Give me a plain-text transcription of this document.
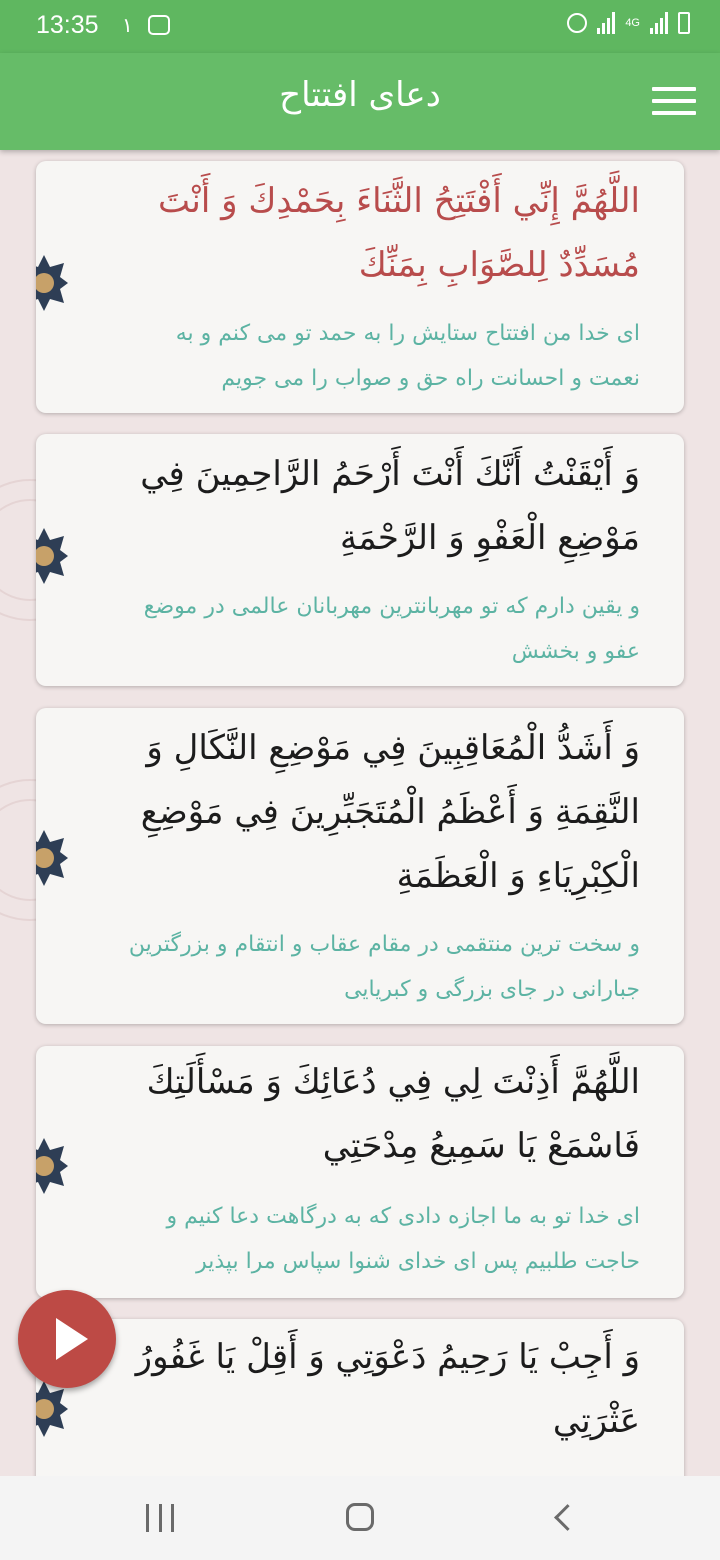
13:35 ۱	4G
دعای افتتاح
اللَّهُمَّ إِنِّي أَفْتَتِحُ الثَّنَاءَ بِحَمْدِكَ وَ أَنْتَ
مُسَدِّدٌ لِلصَّوَابِ بِمَنِّكَ
ای خدا من افتتاح ستایش را به حمد تو می کنم و به
نعمت و احسانت راه حق و صواب را می جویم
وَ أَيْقَنْتُ أَنَّكَ أَنْتَ أَرْحَمُ الرَّاحِمِينَ فِي
مَوْضِعِ الْعَفْوِ وَ الرَّحْمَةِ
و یقین دارم که تو مهربانترین مهربانان عالمی در موضع
عفو و بخشش
وَ أَشَدُّ الْمُعَاقِبِينَ فِي مَوْضِعِ النَّكَالِ وَ
النَّقِمَةِ وَ أَعْظَمُ الْمُتَجَبِّرِينَ فِي مَوْضِعِ
الْكِبْرِيَاءِ وَ الْعَظَمَةِ
و سخت ترین منتقمی در مقام عقاب و انتقام و بزرگترین
جبارانی در جای بزرگی و کبریایی
اللَّهُمَّ أَذِنْتَ لِي فِي دُعَائِكَ وَ مَسْأَلَتِكَ
فَاسْمَعْ يَا سَمِيعُ مِدْحَتِي
ای خدا تو به ما اجازه دادی که به درگاهت دعا کنیم و
حاجت طلبیم پس ای خدای شنوا سپاس مرا بپذیر
وَ أَجِبْ يَا رَحِيمُ دَعْوَتِي وَ أَقِلْ يَا غَفُورُ
عَثْرَتِي
